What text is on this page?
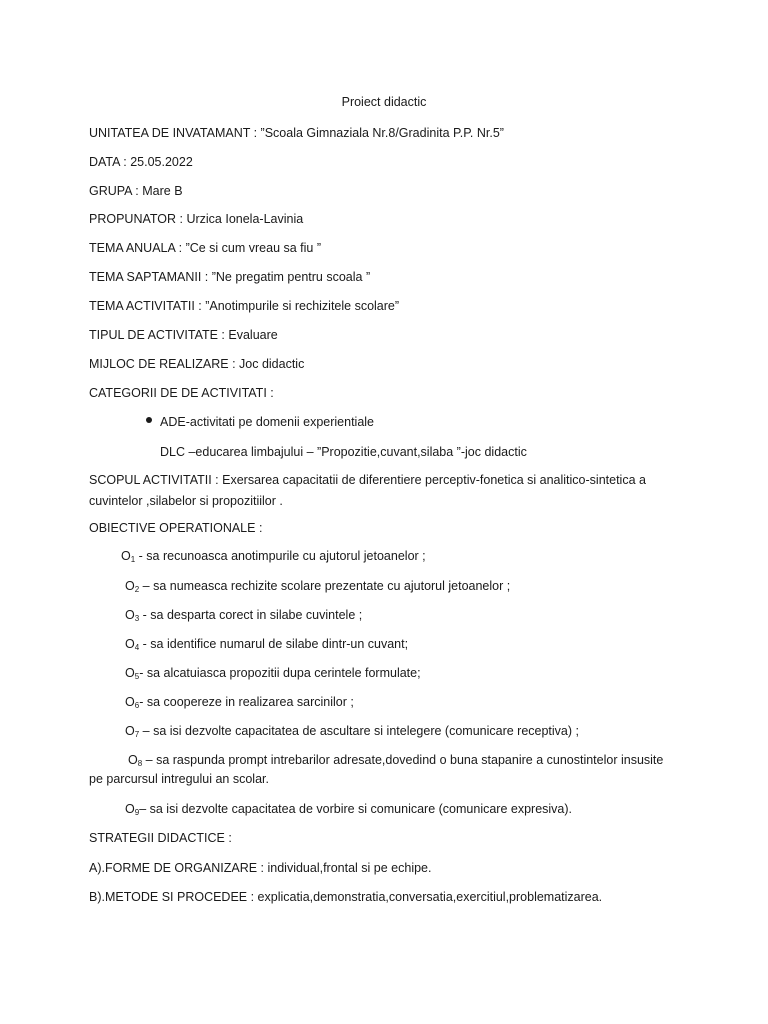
Proiect didactic
UNITATEA DE INVATAMANT : ”Scoala Gimnaziala Nr.8/Gradinita P.P. Nr.5”
DATA : 25.05.2022
GRUPA : Mare B
PROPUNATOR : Urzica Ionela-Lavinia
TEMA ANUALA : ”Ce si cum vreau sa fiu ”
TEMA SAPTAMANII : ”Ne pregatim pentru scoala ”
TEMA ACTIVITATII : ”Anotimpurile si rechizitele scolare”
TIPUL DE ACTIVITATE : Evaluare
MIJLOC DE REALIZARE : Joc didactic
CATEGORII DE DE ACTIVITATI :
ADE-activitati pe domenii experientiale
DLC –educarea limbajului – ”Propozitie,cuvant,silaba ”-joc didactic
SCOPUL ACTIVITATII : Exersarea capacitatii de diferentiere perceptiv-fonetica si analitico-sintetica a cuvintelor ,silabelor si propozitiilor .
OBIECTIVE OPERATIONALE :
$O_1$ - sa recunoasca anotimpurile cu ajutorul jetoanelor ;
$O_2$ – sa numeasca rechizite scolare prezentate cu ajutorul jetoanelor ;
$O_3$ - sa desparta corect in silabe cuvintele ;
$O_4$ - sa identifice numarul de silabe dintr-un cuvant;
$O_5-$ sa alcatuiasca propozitii dupa cerintele formulate;
$O_6-$ sa coopereze in realizarea sarcinilor ;
$O_7$ – sa isi dezvolte capacitatea de ascultare si intelegere (comunicare receptiva) ;
$O_8$ – sa raspunda prompt intrebarilor adresate,dovedind o buna stapanire a cunostintelor insusite
pe parcursul intregului an scolar.
$O_9-$ sa isi dezvolte capacitatea de vorbire si comunicare (comunicare expresiva).
STRATEGII DIDACTICE :
A).FORME DE ORGANIZARE : individual,frontal si pe echipe.
B).METODE SI PROCEDEE : explicatia,demonstratia,conversatia,exercitiul,problematizarea.
